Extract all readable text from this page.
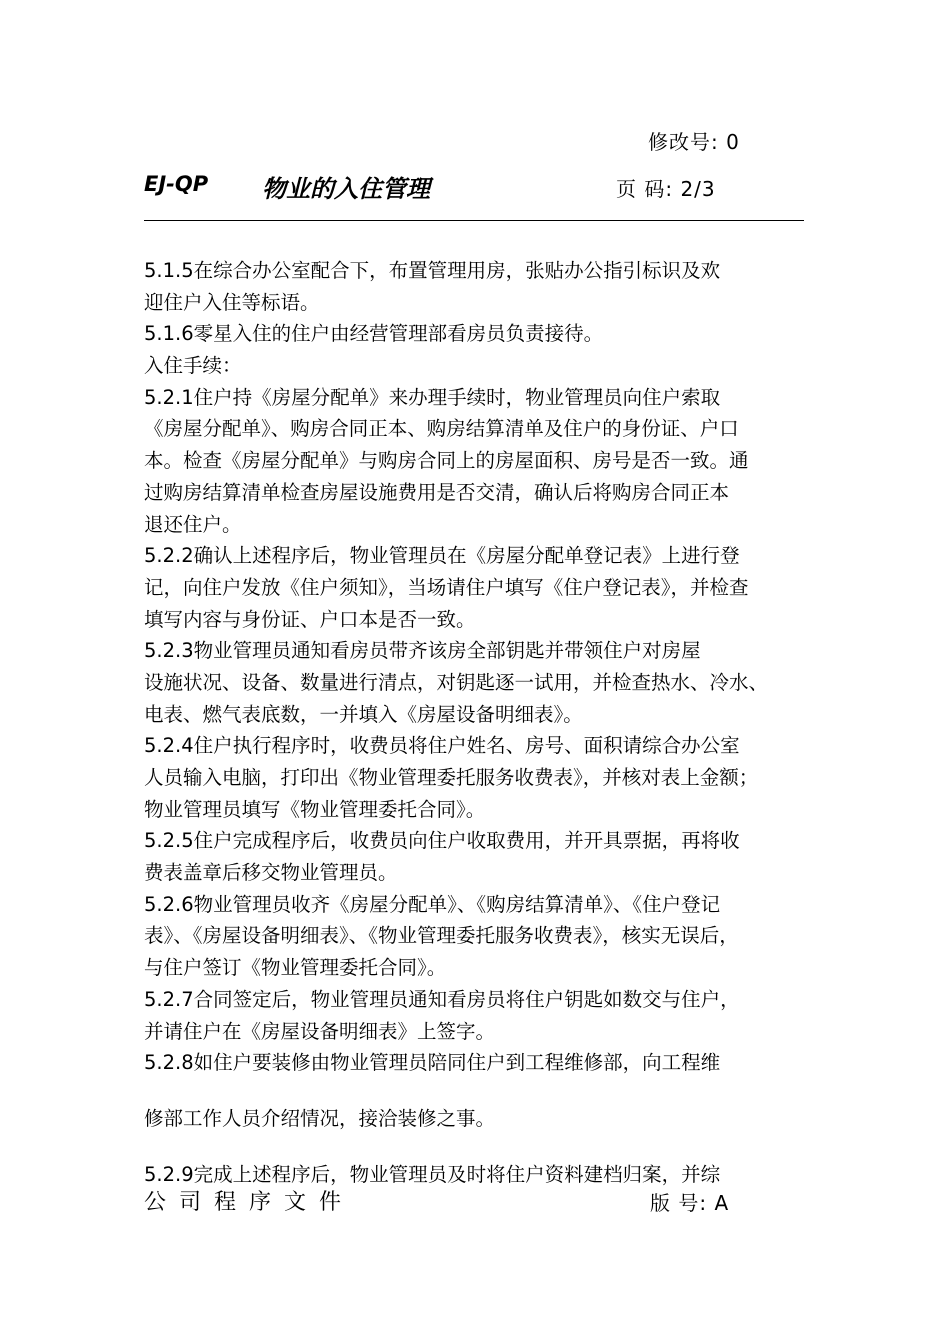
修改号: 0
EJ-QP 物业的入住管理	页 码: 2/3
5.1.5在综合办公室配合下，布置管理用房，张贴办公指引标识及欢
迎住户入住等标语。
5.1.6零星入住的住户由经营管理部看房员负责接待。
入住手续：
5.2.1住户持《房屋分配单》来办理手续时，物业管理员向住户索取
《房屋分配单》、购房合同正本、购房结算清单及住户的身份证、户口
本。检查《房屋分配单》与购房合同上的房屋面积、房号是否一致。通
过购房结算清单检查房屋设施费用是否交清，确认后将购房合同正本
退还住户。
5.2.2确认上述程序后，物业管理员在《房屋分配单登记表》上进行登
记，向住户发放《住户须知》，当场请住户填写《住户登记表》，并检查
填写内容与身份证、户口本是否一致。
5.2.3物业管理员通知看房员带齐该房全部钥匙并带领住户对房屋
设施状况、设备、数量进行清点，对钥匙逐一试用，并检查热水、冷水、
电表、燃气表底数，一并填入《房屋设备明细表》。
5.2.4住户执行程序时，收费员将住户姓名、房号、面积请综合办公室
人员输入电脑，打印出《物业管理委托服务收费表》，并核对表上金额；
物业管理员填写《物业管理委托合同》。
5.2.5住户完成程序后，收费员向住户收取费用，并开具票据，再将收
费表盖章后移交物业管理员。
5.2.6物业管理员收齐《房屋分配单》、《购房结算清单》、《住户登记
表》、《房屋设备明细表》、《物业管理委托服务收费表》，核实无误后，
与住户签订《物业管理委托合同》。
5.2.7合同签定后，物业管理员通知看房员将住户钥匙如数交与住户，
并请住户在《房屋设备明细表》上签字。
5.2.8如住户要装修由物业管理员陪同住户到工程维修部，向工程维
修部工作人员介绍情况，接洽装修之事。
5.2.9完成上述程序后，物业管理员及时将住户资料建档归案，并综
公司程序文件	版 号: A
